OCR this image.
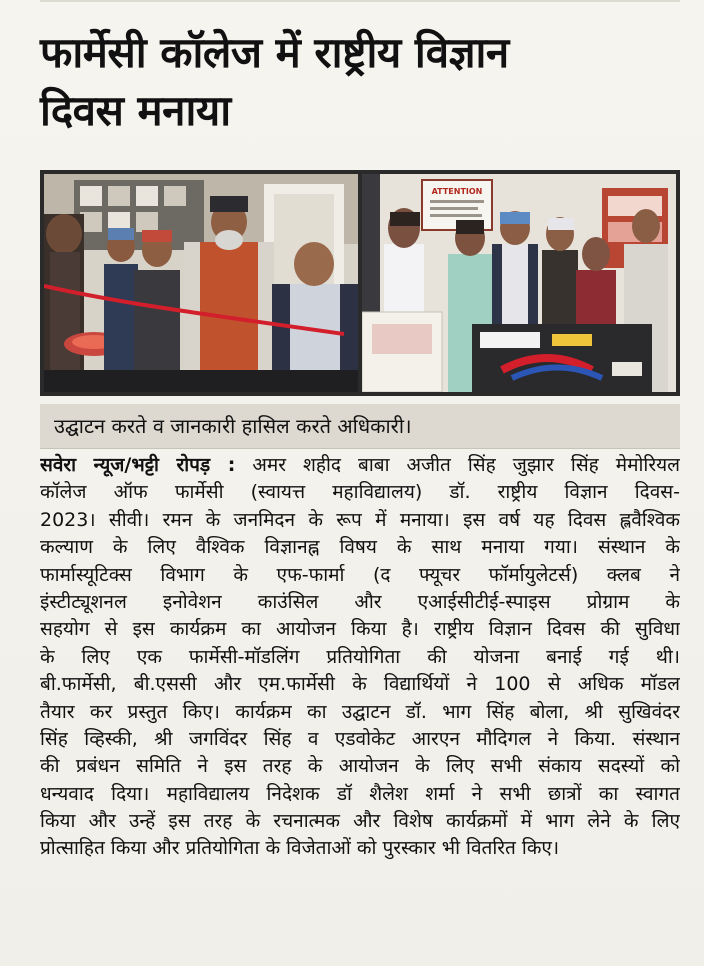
फार्मेसी कॉलेज में राष्ट्रीय विज्ञान
दिवस मनाया
ATTENTION
उद्घाटन करते व जानकारी हासिल करते अधिकारी।
सवेरा न्यूज/भट्टी रोपड़ : अमर शहीद बाबा अजीत सिंह जुझार सिंह मेमोरियल
कॉलेज ऑफ फार्मेसी (स्वायत्त महाविद्यालय) डॉ. राष्ट्रीय विज्ञान दिवस-
2023। सीवी। रमन के जनमिदन के रूप में मनाया। इस वर्ष यह दिवस ह्लवैश्विक
कल्याण के लिए वैश्विक विज्ञानह्न विषय के साथ मनाया गया। संस्थान के
फार्मास्यूटिक्स विभाग के एफ-फार्मा (द फ्यूचर फॉर्मायुलेटर्स) क्लब ने
इंस्टीट्यूशनल इनोवेशन काउंसिल और एआईसीटीई-स्पाइस प्रोग्राम के
सहयोग से इस कार्यक्रम का आयोजन किया है। राष्ट्रीय विज्ञान दिवस की सुविधा
के लिए एक फार्मेसी-मॉडलिंग प्रतियोगिता की योजना बनाई गई थी।
बी.फार्मेसी, बी.एससी और एम.फार्मेसी के विद्यार्थियों ने 100 से अधिक मॉडल
तैयार कर प्रस्तुत किए। कार्यक्रम का उद्घाटन डॉ. भाग सिंह बोला, श्री सुखिवंदर
सिंह व्हिस्की, श्री जगविंदर सिंह व एडवोकेट आरएन मौदिगल ने किया. संस्थान
की प्रबंधन समिति ने इस तरह के आयोजन के लिए सभी संकाय सदस्यों को
धन्यवाद दिया। महाविद्यालय निदेशक डॉ शैलेश शर्मा ने सभी छात्रों का स्वागत
किया और उन्हें इस तरह के रचनात्मक और विशेष कार्यक्रमों में भाग लेने के लिए
प्रोत्साहित किया और प्रतियोगिता के विजेताओं को पुरस्कार भी वितरित किए।
